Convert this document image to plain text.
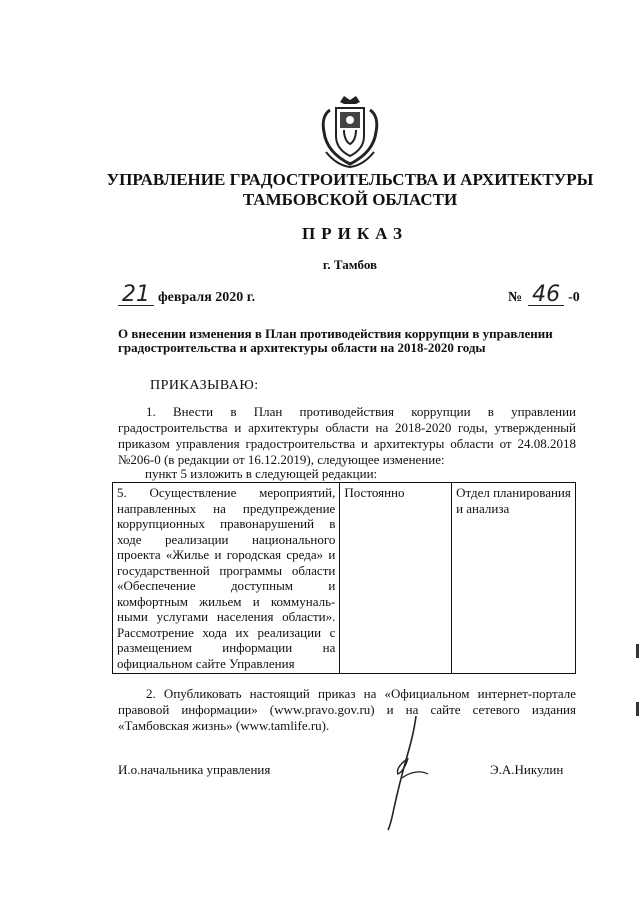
УПРАВЛЕНИЕ ГРАДОСТРОИТЕЛЬСТВА И АРХИТЕКТУРЫ
ТАМБОВСКОЙ ОБЛАСТИ
ПРИКАЗ
г. Тамбов
21 февраля 2020 г.	№ 46 -0
О внесении изменения в План противодействия коррупции в управлении градостроительства и архитектуры области на 2018-2020 годы
ПРИКАЗЫВАЮ:
1. Внести в План противодействия коррупции в управлении градостроительства и архитектуры области на 2018-2020 годы, утвержденный приказом управления градостроительства и архитектуры области от 24.08.2018 №206-0 (в редакции от 16.12.2019), следующее изменение:
пункт 5 изложить в следующей редакции:
5. Осуществление мероприятий, направленных на предупреждение коррупционных правонарушений в ходе реализации национального проекта «Жилье и городская среда» и государственной программы области «Обеспечение доступным и комфортным жильем и коммуналь-ными услугами населения области». Рассмотрение хода их реализации с размещением информации на официальном сайте Управления	Постоянно	Отдел планирования и анализа
2. Опубликовать настоящий приказ на «Официальном интернет-портале правовой информации» (www.pravo.gov.ru) и на сайте сетевого издания «Тамбовская жизнь» (www.tamlife.ru).
И.о.начальника управления	Э.А.Никулин
